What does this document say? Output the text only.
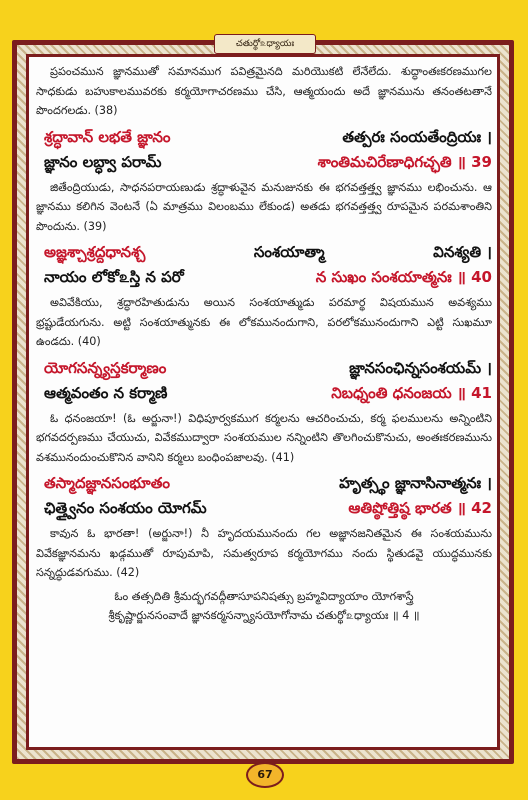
చతుర్థో௨ధ్యాయః

ప్రపంచమున జ్ఞానముతో సమానముగ పవిత్రమైనది మరియొకటి లేనేలేదు. శుద్ధాంతఃకరణముగల సాధకుడు బహుకాలమువరకు కర్మయోగాచరణము చేసి, ఆత్మయందు అదే జ్ఞానమును తనంతటతానే పొందగలడు. (38)

శ్రద్ధావాన్ లభతే జ్ఞానం	తత్పరః సంయతేంద్రియః ।
జ్ఞానం లబ్ధ్వా పరామ్	శాంతిమచిరేణాధిగచ్ఛతి ॥ 39

జితేంద్రియుడు, సాధనపరాయణుడు శ్రద్ధాళువైన మనుజునకు ఈ భగవత్తత్త్వ జ్ఞానము లభించును. ఆ జ్ఞానము కలిగిన వెంటనే (ఏ మాత్రము విలంబము లేకుండ) అతడు భగవత్తత్త్వ రూపమైన పరమశాంతిని పొందును. (39)

అజ్ఞశ్చాశ్రద్దధానశ్చ	సంశయాత్మా	వినశ్యతి ।
నాయం లోకో௨స్తి న పరో	న సుఖం సంశయాత్మనః ॥ 40

అవివేకియు, శ్రద్ధారహితుడును అయిన సంశయాత్ముడు పరమార్థ విషయమున అవశ్యము భ్రష్టుడేయగును. అట్టి సంశయాత్మునకు ఈ లోకమునందుగాని, పరలోకమునందుగాని ఎట్టి సుఖమూ ఉండదు. (40)

యోగసన్న్యస్తకర్మాణం	జ్ఞానసంఛిన్నసంశయమ్ ।
ఆత్మవంతం న కర్మాణి	నిబధ్నంతి ధనంజయ ॥ 41

ఓ ధనంజయా! (ఓ అర్జునా!) విధిపూర్వకముగ కర్మలను ఆచరించుచు, కర్మ ఫలములను అన్నింటిని భగవదర్పణము చేయుచు, వివేకముద్వారా సంశయముల నన్నింటిని తొలగించుకొనుచు, అంతఃకరణమును వశమునందుంచుకొనిన వానిని కర్మలు బంధింపజాలవు. (41)

తస్మాదజ్ఞానసంభూతం	హృత్స్థం జ్ఞానాసినాత్మనః ।
ఛిత్త్వైనం సంశయం యోగమ్	ఆతిష్ఠోత్తిష్ఠ భారత ॥ 42

కావున ఓ భారతా! (అర్జునా!) నీ హృదయమునందు గల అజ్ఞానజనితమైన ఈ సంశయమును వివేకజ్ఞానమను ఖడ్గముతో రూపుమాపి, సమత్వరూప కర్మయోగము నందు స్థితుడవై యుద్ధమునకు సన్నద్ధుడవగుము. (42)

ఓం తత్సదితి శ్రీమద్భగవద్గీతాసూపనిషత్సు బ్రహ్మవిద్యాయాం యోగశాస్త్రే
శ్రీకృష్ణార్జునసంవాదే జ్ఞానకర్మసన్న్యాసయోగోనామ చతుర్థో௨ధ్యాయః ॥ 4 ॥
67
